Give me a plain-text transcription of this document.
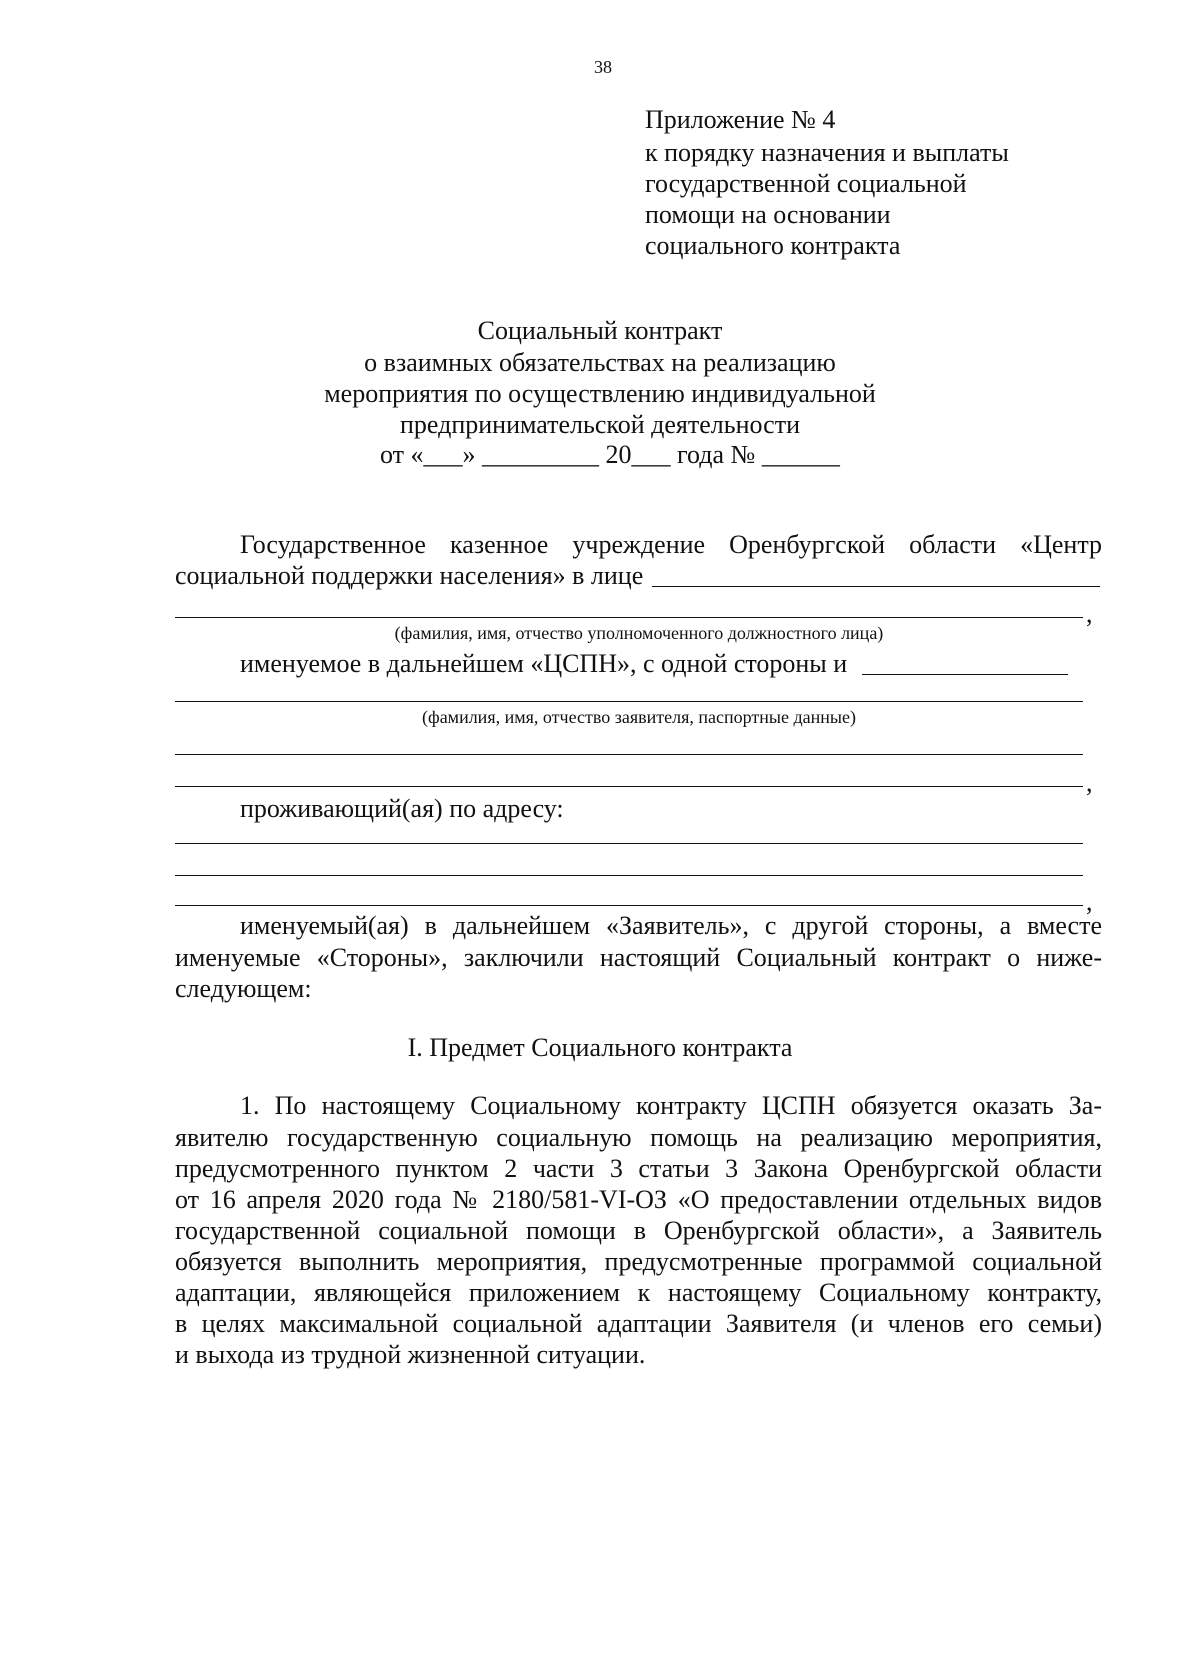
38
Приложение № 4
к порядку назначения и выплаты
государственной социальной
помощи на основании
социального контракта
Социальный контракт
о взаимных обязательствах на реализацию
мероприятия по осуществлению индивидуальной
предпринимательской деятельности
от «___» _________ 20___ года № ______
Государственное казенное учреждение Оренбургской области «Центр
социальной поддержки населения» в лице
,
(фамилия, имя, отчество уполномоченного должностного лица)
именуемое в дальнейшем «ЦСПН», с одной стороны и
(фамилия, имя, отчество заявителя, паспортные данные)
,
проживающий(ая) по адресу:
,
именуемый(ая) в дальнейшем «Заявитель», с другой стороны, а вместе
именуемые «Стороны», заключили настоящий Социальный контракт о ниже-
следующем:
I. Предмет Социального контракта
1. По настоящему Социальному контракту ЦСПН обязуется оказать За-
явителю государственную социальную помощь на реализацию мероприятия,
предусмотренного пунктом 2 части 3 статьи 3 Закона Оренбургской области
от 16 апреля 2020 года № 2180/581-VI-ОЗ «О предоставлении отдельных видов
государственной социальной помощи в Оренбургской области», а Заявитель
обязуется выполнить мероприятия, предусмотренные программой социальной
адаптации, являющейся приложением к настоящему Социальному контракту,
в целях максимальной социальной адаптации Заявителя (и членов его семьи)
и выхода из трудной жизненной ситуации.
